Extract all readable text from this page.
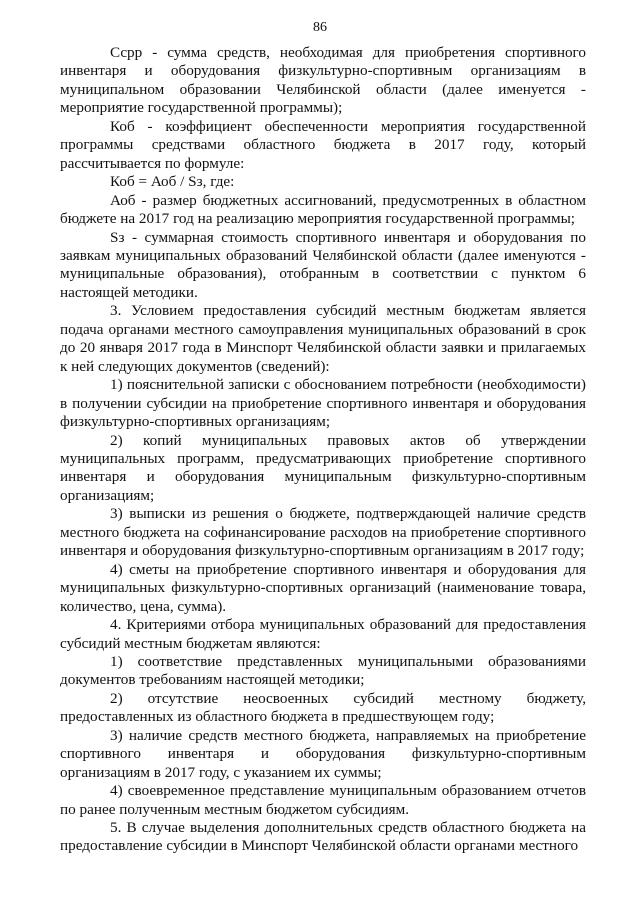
86

Ссрр - сумма средств, необходимая для приобретения спортивного инвентаря и оборудования физкультурно-спортивным организациям в муниципальном образовании Челябинской области (далее именуется - мероприятие государственной программы);

Коб - коэффициент обеспеченности мероприятия государственной программы средствами областного бюджета в 2017 году, который рассчитывается по формуле:

Коб = Аоб / Sз, где:

Аоб - размер бюджетных ассигнований, предусмотренных в областном бюджете на 2017 год на реализацию мероприятия государственной программы;

Sз - суммарная стоимость спортивного инвентаря и оборудования по заявкам муниципальных образований Челябинской области (далее именуются - муниципальные образования), отобранным в соответствии с пунктом 6 настоящей методики.

3. Условием предоставления субсидий местным бюджетам является подача органами местного самоуправления муниципальных образований в срок до 20 января 2017 года в Минспорт Челябинской области заявки и прилагаемых к ней следующих документов (сведений):

1) пояснительной записки с обоснованием потребности (необходимости) в получении субсидии на приобретение спортивного инвентаря и оборудования физкультурно-спортивных организациям;

2) копий муниципальных правовых актов об утверждении муниципальных программ, предусматривающих приобретение спортивного инвентаря и оборудования муниципальным физкультурно-спортивным организациям;

3) выписки из решения о бюджете, подтверждающей наличие средств местного бюджета на софинансирование расходов на приобретение спортивного инвентаря и оборудования физкультурно-спортивным организациям в 2017 году;

4) сметы на приобретение спортивного инвентаря и оборудования для муниципальных физкультурно-спортивных организаций (наименование товара, количество, цена, сумма).

4. Критериями отбора муниципальных образований для предоставления субсидий местным бюджетам являются:

1) соответствие представленных муниципальными образованиями документов требованиям настоящей методики;

2) отсутствие неосвоенных субсидий местному бюджету, предоставленных из областного бюджета в предшествующем году;

3) наличие средств местного бюджета, направляемых на приобретение спортивного инвентаря и оборудования физкультурно-спортивным организациям в 2017 году, с указанием их суммы;

4) своевременное представление муниципальным образованием отчетов по ранее полученным местным бюджетом субсидиям.

5. В случае выделения дополнительных средств областного бюджета на предоставление субсидии в Минспорт Челябинской области органами местного
